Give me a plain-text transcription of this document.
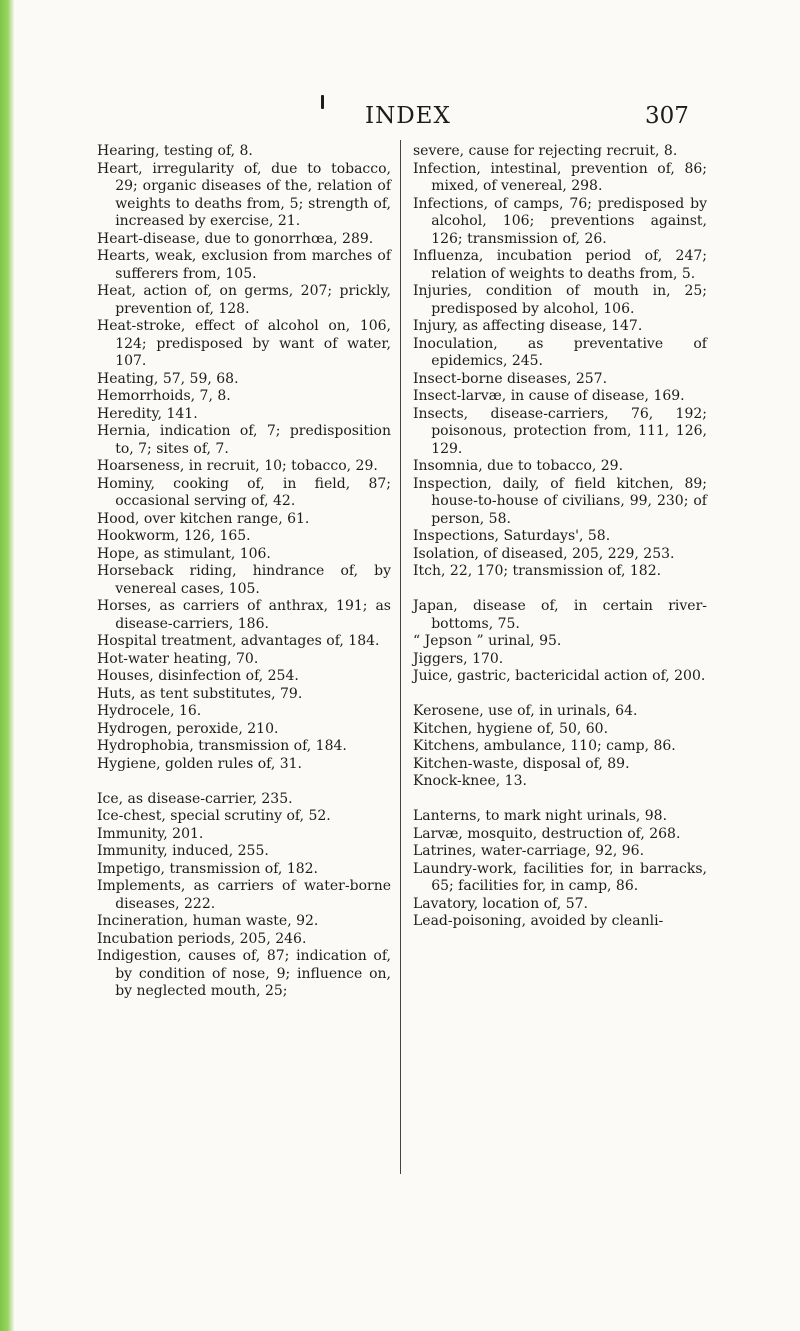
INDEX	307

Hearing, testing of, 8.

Heart, irregularity of, due to tobacco, 29; organic diseases of the, relation of weights to deaths from, 5; strength of, increased by exercise, 21.

Heart-disease, due to gonorrhœa, 289.

Hearts, weak, exclusion from marches of sufferers from, 105.

Heat, action of, on germs, 207; prickly, prevention of, 128.

Heat-stroke, effect of alcohol on, 106, 124; predisposed by want of water, 107.

Heating, 57, 59, 68.

Hemorrhoids, 7, 8.

Heredity, 141.

Hernia, indication of, 7; predisposition to, 7; sites of, 7.

Hoarseness, in recruit, 10; tobacco, 29.

Hominy, cooking of, in field, 87; occasional serving of, 42.

Hood, over kitchen range, 61.

Hookworm, 126, 165.

Hope, as stimulant, 106.

Horseback riding, hindrance of, by venereal cases, 105.

Horses, as carriers of anthrax, 191; as disease-carriers, 186.

Hospital treatment, advantages of, 184.

Hot-water heating, 70.

Houses, disinfection of, 254.

Huts, as tent substitutes, 79.

Hydrocele, 16.

Hydrogen, peroxide, 210.

Hydrophobia, transmission of, 184.

Hygiene, golden rules of, 31.

Ice, as disease-carrier, 235.

Ice-chest, special scrutiny of, 52.

Immunity, 201.

Immunity, induced, 255.

Impetigo, transmission of, 182.

Implements, as carriers of water-borne diseases, 222.

Incineration, human waste, 92.

Incubation periods, 205, 246.

Indigestion, causes of, 87; indication of, by condition of nose, 9; influence on, by neglected mouth, 25;

severe, cause for rejecting recruit, 8.

Infection, intestinal, prevention of, 86; mixed, of venereal, 298.

Infections, of camps, 76; predisposed by alcohol, 106; preventions against, 126; transmission of, 26.

Influenza, incubation period of, 247; relation of weights to deaths from, 5.

Injuries, condition of mouth in, 25; predisposed by alcohol, 106.

Injury, as affecting disease, 147.

Inoculation, as preventative of epidemics, 245.

Insect-borne diseases, 257.

Insect-larvæ, in cause of disease, 169.

Insects, disease-carriers, 76, 192; poisonous, protection from, 111, 126, 129.

Insomnia, due to tobacco, 29.

Inspection, daily, of field kitchen, 89; house-to-house of civilians, 99, 230; of person, 58.

Inspections, Saturdays', 58.

Isolation, of diseased, 205, 229, 253.

Itch, 22, 170; transmission of, 182.

Japan, disease of, in certain river-bottoms, 75.

“ Jepson ” urinal, 95.

Jiggers, 170.

Juice, gastric, bactericidal action of, 200.

Kerosene, use of, in urinals, 64.

Kitchen, hygiene of, 50, 60.

Kitchens, ambulance, 110; camp, 86.

Kitchen-waste, disposal of, 89.

Knock-knee, 13.

Lanterns, to mark night urinals, 98.

Larvæ, mosquito, destruction of, 268.

Latrines, water-carriage, 92, 96.

Laundry-work, facilities for, in barracks, 65; facilities for, in camp, 86.

Lavatory, location of, 57.

Lead-poisoning, avoided by cleanli-
